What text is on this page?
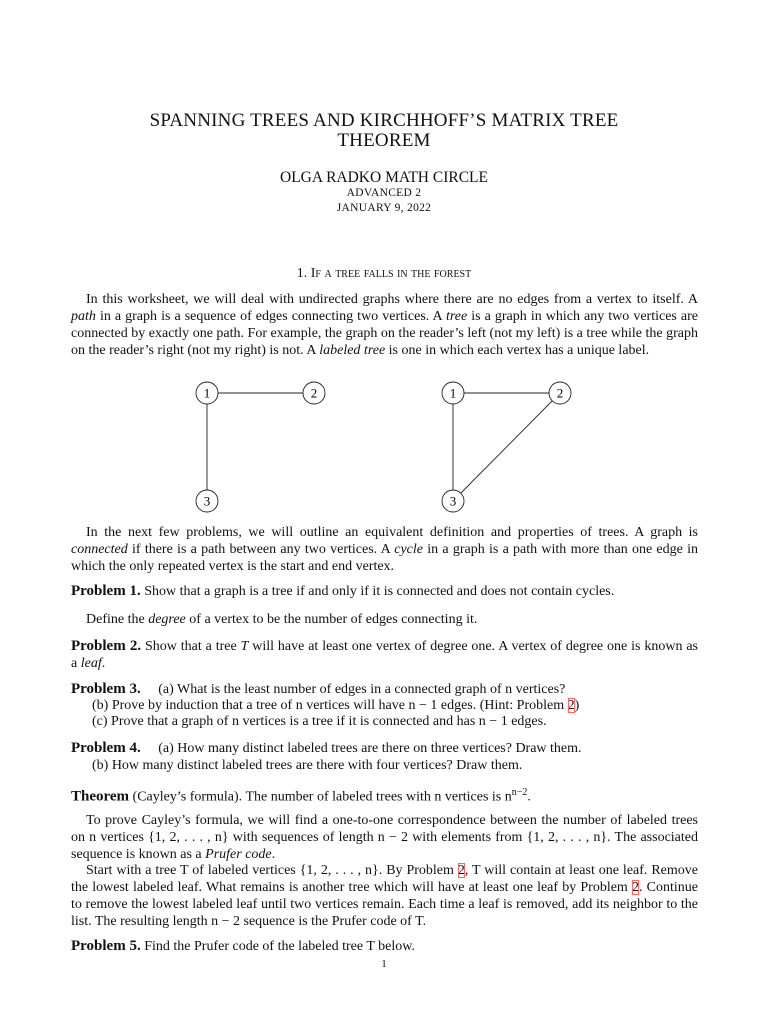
SPANNING TREES AND KIRCHHOFF’S MATRIX TREE
THEOREM
OLGA RADKO MATH CIRCLE
ADVANCED 2
JANUARY 9, 2022
1. If a tree falls in the forest
In this worksheet, we will deal with undirected graphs where there are no edges from a vertex to itself. A path in a graph is a sequence of edges connecting two vertices. A tree is a graph in which any two vertices are connected by exactly one path. For example, the graph on the reader’s left (not my left) is a tree while the graph on the reader’s right (not my right) is not. A labeled tree is one in which each vertex has a unique label.
1	2
3
1	2
3
In the next few problems, we will outline an equivalent definition and properties of trees. A graph is connected if there is a path between any two vertices. A cycle in a graph is a path with more than one edge in which the only repeated vertex is the start and end vertex.
Problem 1. Show that a graph is a tree if and only if it is connected and does not contain cycles.
Define the degree of a vertex to be the number of edges connecting it.
Problem 2. Show that a tree T will have at least one vertex of degree one. A vertex of degree one is known as a leaf.
Problem 3. (a) What is the least number of edges in a connected graph of n vertices?
(b) Prove by induction that a tree of n vertices will have n − 1 edges. (Hint: Problem 2)
(c) Prove that a graph of n vertices is a tree if it is connected and has n − 1 edges.
Problem 4. (a) How many distinct labeled trees are there on three vertices? Draw them.
(b) How many distinct labeled trees are there with four vertices? Draw them.
Theorem (Cayley’s formula). The number of labeled trees with n vertices is $n^{n-2}$.
To prove Cayley’s formula, we will find a one-to-one correspondence between the number of labeled trees on n vertices {1, 2, . . . , n} with sequences of length n − 2 with elements from {1, 2, . . . , n}. The associated sequence is known as a Prufer code.
Start with a tree T of labeled vertices {1, 2, . . . , n}. By Problem 2, T will contain at least one leaf. Remove the lowest labeled leaf. What remains is another tree which will have at least one leaf by Problem 2. Continue to remove the lowest labeled leaf until two vertices remain. Each time a leaf is removed, add its neighbor to the list. The resulting length n − 2 sequence is the Prufer code of T.
Problem 5. Find the Prufer code of the labeled tree T below.
1
